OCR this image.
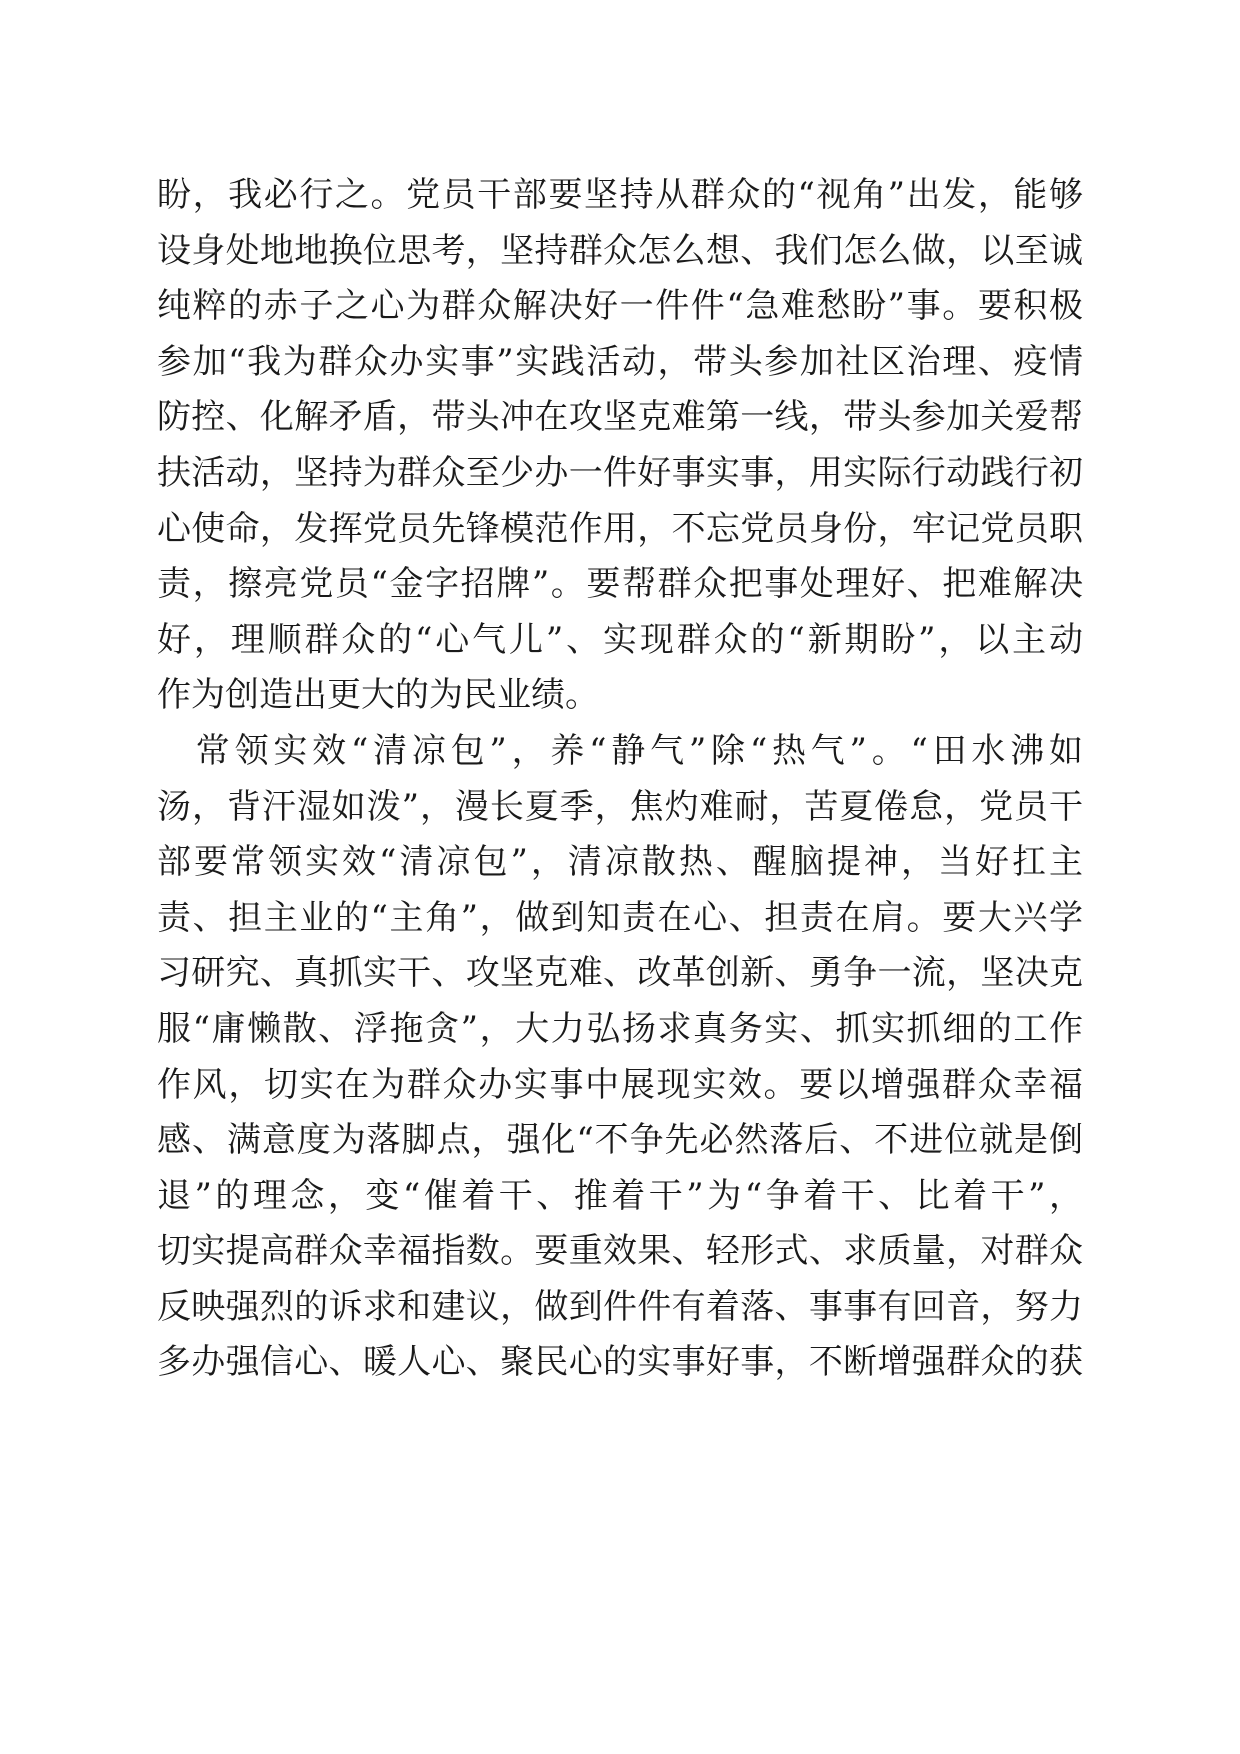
盼，我必行之。党员干部要坚持从群众的“视角”出发，能够
设身处地地换位思考，坚持群众怎么想、我们怎么做，以至诚
纯粹的赤子之心为群众解决好一件件“急难愁盼”事。要积极
参加“我为群众办实事”实践活动，带头参加社区治理、疫情
防控、化解矛盾，带头冲在攻坚克难第一线，带头参加关爱帮
扶活动，坚持为群众至少办一件好事实事，用实际行动践行初
心使命，发挥党员先锋模范作用，不忘党员身份，牢记党员职
责，擦亮党员“金字招牌”。要帮群众把事处理好、把难解决
好，理顺群众的“心气儿”、实现群众的“新期盼”，以主动
作为创造出更大的为民业绩。
　常领实效“清凉包”，养“静气”除“热气”。“田水沸如
汤，背汗湿如泼”，漫长夏季，焦灼难耐，苦夏倦怠，党员干
部要常领实效“清凉包”，清凉散热、醒脑提神，当好扛主
责、担主业的“主角”，做到知责在心、担责在肩。要大兴学
习研究、真抓实干、攻坚克难、改革创新、勇争一流，坚决克
服“庸懒散、浮拖贪”，大力弘扬求真务实、抓实抓细的工作
作风，切实在为群众办实事中展现实效。要以增强群众幸福
感、满意度为落脚点，强化“不争先必然落后、不进位就是倒
退”的理念，变“催着干、推着干”为“争着干、比着干”，
切实提高群众幸福指数。要重效果、轻形式、求质量，对群众
反映强烈的诉求和建议，做到件件有着落、事事有回音，努力
多办强信心、暖人心、聚民心的实事好事，不断增强群众的获
